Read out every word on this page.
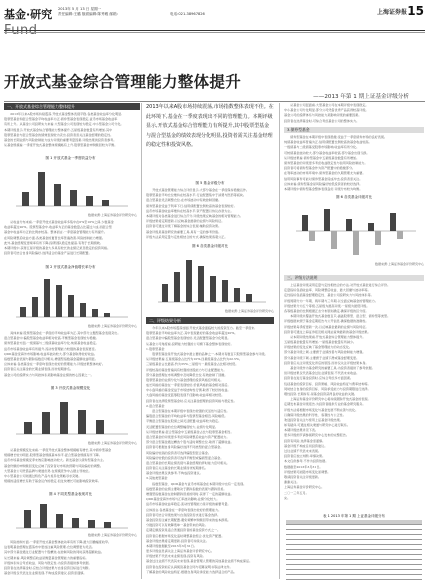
基金·研究 2013年 5 月 13 日 星期一
责任编辑:王璐 版面编辑:陈秀雅 邮箱:	电话:021-38967826	上海证券报 15
开放式基金综合管理能力整体提升
——2013 年第 1 期上证基金评级分析
一、开放式基金综合管理能力整体提升
　　2013年以来A股市场持续震荡,开放式基金整体表现平稳,各类基金收益率分化明显,
股票型基金和混合型基金平均收益率为正,债券型基金表现稳定,货币市场基金收益率
有所上升。从基金公司投研实力来看,大型基金公司表现较为稳定,中小型基金公司分化。
本期评级显示,开放式基金综合管理能力整体提升,五星级基金数量有所增加,其中
股票型基金与混合型基金的绩效表现较为突出,投资者需关注基金经理的稳定性。
基金的长期业绩与风险控制能力成为评级的重要考量因素,评级结果供投资者参考。
从基金规模看,一季度开放式基金整体规模略有上升,股票型基金申购赎回较为平衡。
图 1 开放式基金一季度收益分布
数据来源:上海证券基金评价研究中心
　　从收益分布来看,一季度开放式基金收益率多集中在0%至10%之间,少数基金
收益率超过20%。股票型基金中,收益率为正的基金数量占比超过六成,而混合型
基金中收益率为正的比例亦较高。整体而言,一季度基金管理能力有所提升。
在风险调整后收益方面,各类基金的夏普比率普遍改善,风险控制能力增强。
此外,基金经理变更频率有所下降,投研团队稳定性提高,有利于长期绩效。
本期评级中,获得五星评级的基金大多具有较长的业绩记录及稳定的投资风格。
投资者可结合自身风险偏好,选择适合的基金产品进行长期配置。
图 2 开放式基金净值增长率分布
数据来源:上海证券基金评价研究中心
　　具体来看,股票型基金在一季度的平均收益率为正,其中部分主题型基金表现突出。
混合型基金中,偏股型基金收益率相对较高,平衡型基金表现较为稳健。
债券型基金方面,一级债基与二级债基收益率分化,纯债基金收益稳定。
货币市场基金收益率有所提升,流动性管理能力较强的基金表现更佳。
QDII基金受海外市场影响,收益率波动较大,部分基金取得较好收益。
指数型基金表现与跟踪指数密切相关,增强型指数基金超额收益明显。
总体来看,各类基金在一季度均表现出较好的管理能力,评级结果整体向好。
投资者应关注基金的长期业绩表现,而非短期排名。
基金公司的投研实力与风控体系是影响基金业绩的核心因素之一。
图 3 开放式基金规模变化
数据来源:上海证券基金评价研究中心
　　从基金规模变化来看,一季度开放式基金整体规模略有增长,其中债券型基金
规模增长较为明显,股票型基金规模基本持平,混合型基金规模有所下降。
货币市场基金规模受季末效应影响波动较大。新发基金以债券型基金为主。
基金份额的申购赎回变化反映了投资者对市场的预期与风险偏好的调整。
大型基金公司凭借品牌与渠道优势,在规模竞争中占据主导地位。
中小型基金公司则通过特色产品与差异化策略寻求突破。
规模的适度增长有助于基金运作的稳定,但过快增长可能影响投资效率。
图 4 不同类型基金表现对比
数据来源:上海证券基金评价研究中心
　　风险控制方面,一季度开放式基金整体波动率有所下降,最大回撤幅度收窄。
这表明基金经理在震荡市中更加注重风险管理,仓位调整更为灵活。
其中部分基金通过行业配置与个股精选,在控制风险的同时获得超额收益。
从长期来看,风险调整后收益是衡量基金管理能力的重要指标。
评级体系综合考虑收益、风险与稳定性,为投资者提供参考依据。
投资者在选择基金时,应结合评级结果与自身投资目标进行判断。
基金评级仅代表过往业绩表现,不构成投资建议,投资需谨慎。
2013年以来A股市场持续震荡,市场指数整体表现不佳。在此环境下,基金在一季度表现出不同的管理能力。本期评级显示,开放式基金综合管理能力有所提升,其中股票型基金与混合型基金的绩效表现分化明显,投资者需关注基金经理的稳定性和投资风格。
图 5 基金评级分布
　　开放式基金管理能力综合评价显示,大部分基金在一季度保持稳健运作。
股票型基金平均仓位维持在较高水平,行业配置集中于消费与医药等板块。
混合型基金灵活调整仓位,在市场波动中有效控制回撤。
债券型基金受益于利率下行,信用债配置比例较高的基金表现较好。
货币市场基金收益率维持在较高水平,资产配置以协议存款为主。
本期评级对各类基金进行综合打分,评级结果反映基金的相对管理能力。
评级结果将定期更新,以反映基金最新的业绩与风险特征。
投资者可通过评级了解基金的综合表现,辅助投资决策。
基金评级是基金研究的重要工具,具有一定的参考价值。
评级方法采用定量与定性相结合的方式,确保结果客观公正。
图 6 各类基金评级对比
数据来源:上海证券基金评价研究中心
二、评级结果分析
　　今年以来A股市场震荡加剧,开放式基金面临较大的投资压力。截至一季度末,
股票型基金平均收益率为正,其中表现最好的基金收益率超过20%。
混合型基金中偏股型基金表现较好,灵活配置型基金分化明显。
从基金公司角度看,投研能力较强的公司旗下基金整体表现较好。
1.股票型基金
　　股票型基金是开放式基金中最主要的品种之一,本期共有数百只股票型基金参与评级。
从评级结果看,五星级基金占比约为10%,四星级基金占比约为22.5%。
三星级基金占比最高,约为35%,二星级与一星级基金占比相对较低。
评级较高的基金普遍具有较强的选股能力与行业配置能力。
部分基金经理在市场调整中及时降低仓位,有效控制了回撤。
股票型基金的业绩分化与基金经理的投资风格密切相关。
成长风格的基金在一季度表现较好,价值风格的基金相对落后。
中小盘风格的基金受益于市场结构性行情,取得了较好的收益。
大盘风格的基金受蓝筹股表现不佳影响,收益率相对较低。
投资者在选择股票型基金时,应关注基金经理的投资风格与稳定性。
2.混合型基金
　　混合型基金在本期评级中表现出较强的灵活性与适应性。
偏股混合型基金的平均收益率与股票型基金相近,风险略低。
平衡混合型基金在股债之间灵活配置,收益率较为稳定。
灵活配置型基金的仓位调整幅度较大,业绩分化明显。
从评级结果看,混合型基金中五星级基金占比与股票型基金相当。
混合型基金的评级更多考虑风险调整后收益与资产配置能力。
部分混合型基金通过精选个股与适时调整仓位,取得了超额收益。
投资者可根据自身风险偏好选择不同类型的混合型基金。
风险偏好较高的投资者可选择偏股型混合基金。
风险偏好较低的投资者可选择平衡型或偏债型混合基金。
混合型基金的长期业绩表现与基金经理的择时能力密切相关。
投资者应关注基金的长期业绩而非短期排名。
基金评级结果仅供参考,不构成投资建议。
3.其他类型基金
　　指数型基金、QDII基金与货币市场基金在本期评级中也有一定表现。
指数型基金的业绩主要取决于跟踪指数的表现与跟踪误差。
增强型指数基金在控制跟踪误差的同时,获得了一定的超额收益。
QDII基金受海外市场与汇率波动影响,业绩分化较大。
货币市场基金收益率稳定,流动性管理能力是评级的重要考量。
总体而言,各类基金在一季度均表现出较好的管理能力。
投资者可结合评级结果与自身投资需求进行基金选择。
基金投资需注重长期配置,避免频繁申购赎回带来的成本损耗。
分散投资可以有效降低单一基金带来的风险。
定期定额投资是适合普通投资者的基金投资方式之一。
投资者应根据市场变化适时调整基金组合,优化资产配置。
基金评级结果将定期更新,投资者可持续关注。
本期评级数据截至2013年3月31日。
更多评级信息请关注上海证券基金评价研究中心。
评级结果不代表未来业绩表现,投资有风险。
基金过往业绩不代表其未来表现,基金管理人管理的其他基金业绩不构成保证。
投资者在投资前应认真阅读基金合同与招募说明书等法律文件。
了解基金的风险收益特征,根据自身风险承受能力选择适合的产品。
　　从基金公司层面看,大型基金公司在本期评级中表现稳定。
中小基金公司分化明显,部分公司凭借优秀产品获得较高评级。
基金公司的投研体系与风控能力是影响评级的重要因素。
投资者在选择基金时,可综合考虑基金公司的整体实力。
3.债券型基金
　　债券型基金在本期评级中表现稳健,受益于一季度债券市场的良好表现。
纯债基金收益率普遍为正,信用债配置比例较高的基金收益较高。
一级债基与二级债基受股票市场影响,收益率有所分化。
可转债基金波动较大,部分基金收益率较高,部分基金出现亏损。
从评级结果看,债券型基金中五星级基金数量有所增加。
债券型基金的评级更多考虑收益稳定性与信用风险控制能力。
投资者可将债券型基金作为资产配置中的稳健部分。
在利率波动的市场环境中,债券型基金的久期管理尤为重要。
信用风险事件可能对债券型基金造成冲击,投资者需关注。
总体来看,债券型基金是风险偏好较低投资者的较好选择。
本期评级中债券型基金整体表现良好,评级分布较为均衡。
图 6 各类基金评级对比
数据来源:上海证券基金评价研究中心
三、评级方法说明
　　上证基金评级采用定量与定性相结合的方法,对开放式基金进行综合评价。
定量指标包括收益率、风险调整后收益、最大回撤与波动率等。
定性指标包括基金经理稳定性、基金公司投研实力与风控体系等。
评级周期分为一年期、两年期与三年期,以全面反映基金的管理能力。
评级结果分为五个等级,五星级为最高评级,一星级为最低评级。
各等级基金的比例根据正态分布原则确定,确保评级的区分度。
　　本期评级共覆盖开放式基金数百只,涵盖股票型、混合型、债券型等类型。
评级数据来源于基金定期报告与公开信息,确保数据的准确性。
评级结果每季度更新一次,以反映基金最新的业绩与风险特征。
投资者可通过上海证券报及相关网站查询最新的基金评级结果。
　　从本期评级结果看,开放式基金综合管理能力整体提升。
五星级基金数量有所增加,一星级基金数量有所减少。
评级结果的变化反映了基金管理能力的动态变化。
部分基金评级上调,主要源于业绩改善与风险控制能力增强。
部分基金评级下调,主要源于业绩下滑或基金经理变更。
投资者应关注评级变化背后的原因,而非仅关注评级结果本身。
　　基金评级作为基金研究的重要工具,为投资者提供了参考依据。
但评级结果仅代表基金过往业绩表现,不代表未来收益。
投资者在进行基金投资时,应综合考虑多方面因素。
包括基金的投资目标、投资策略、风险收益特征与费率结构等。
同时结合自身的投资目标、风险承受能力与投资期限进行选择。
理性投资,长期持有,是基金投资获得良好收益的关键。
　　上海证券基金评价研究中心将持续跟踪开放式基金的表现。
定期发布基金评级报告,为投资者提供专业的基金研究服务。
评级方法将根据市场变化与基金发展不断完善与优化。
以确保评级结果的科学性、客观性与公正性。
欢迎投资者关注与使用上证基金评级结果。
如有疑问,可通过相关渠道与研究中心进行联系。
本期评级结果详见下表。
更多评级细节请参阅研究中心发布的完整报告。
投资有风险,选择基金需谨慎。
基金评级不构成任何投资建议。
过往业绩不代表未来表现。
投资者应独立判断,审慎决策。
本文仅供参考,不作为投资依据。
数据截至2013年3月31日。
评级结果可能随市场变化而调整。
敬请投资者关注评级更新。
谢谢关注。
上海证券基金评价研究中心。
二〇一三年五月。
完。

表 1 2013 年第 1 期 上证基金评级分布
